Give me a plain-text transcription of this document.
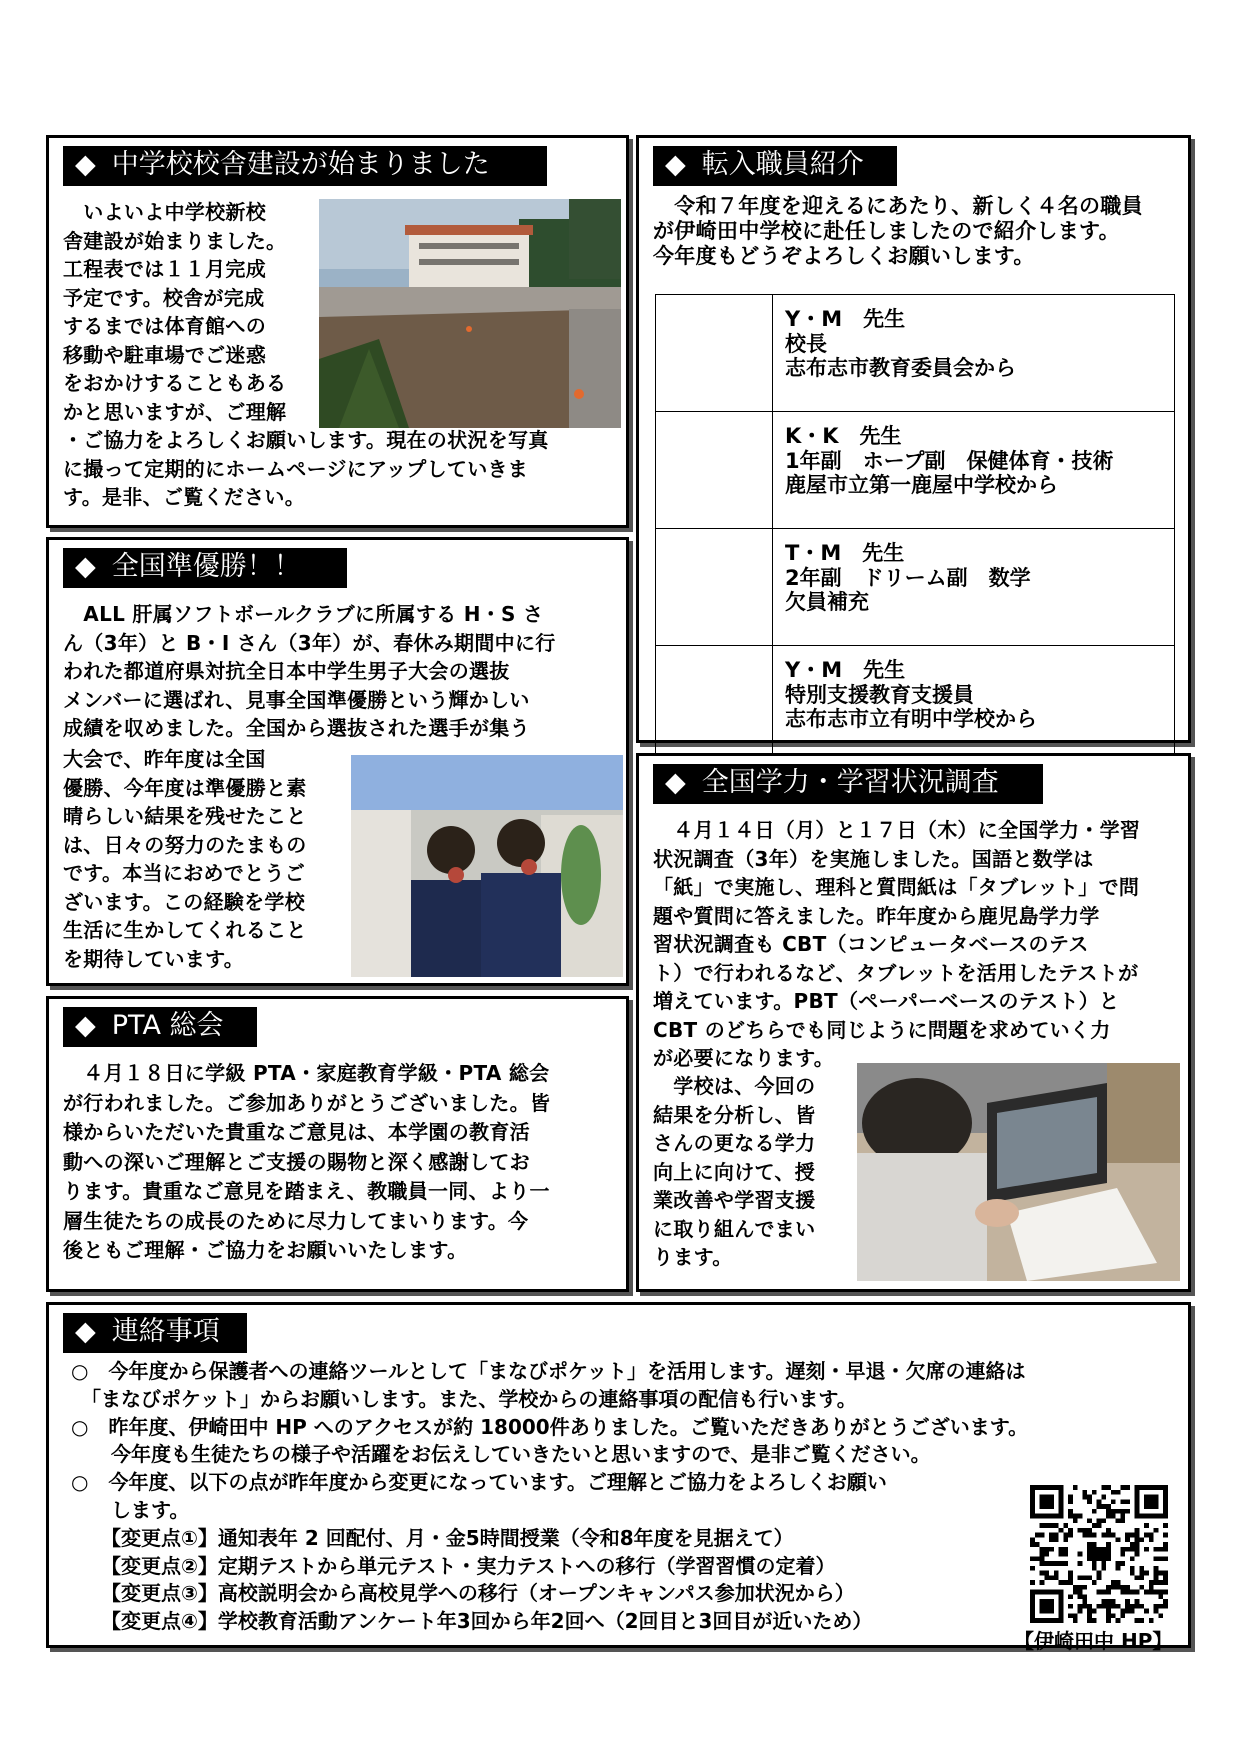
◆ 中学校校舎建設が始まりました
　いよいよ中学校新校
舎建設が始まりました。
工程表では１１月完成
予定です。校舎が完成
するまでは体育館への
移動や駐車場でご迷惑
をおかけすることもある
かと思いますが、ご理解
・ご協力をよろしくお願いします。現在の状況を写真
に撮って定期的にホームページにアップしていきま
す。是非、ご覧ください。
◆ 転入職員紹介
　令和７年度を迎えるにあたり、新しく４名の職員
が伊崎田中学校に赴任しましたので紹介します。
今年度もどうぞよろしくお願いします。

	Y・M　先生
校長
志布志市教育委員会から

	K・K　先生
1年副　ホープ副　保健体育・技術
鹿屋市立第一鹿屋中学校から

	T・M　先生
2年副　ドリーム副　数学
欠員補充

	Y・M　先生
特別支援教育支援員
志布志市立有明中学校から
◆ 全国準優勝！！
　ALL 肝属ソフトボールクラブに所属する H・S さ
ん（3年）と B・I さん（3年）が、春休み期間中に行
われた都道府県対抗全日本中学生男子大会の選抜
メンバーに選ばれ、見事全国準優勝という輝かしい
成績を収めました。全国から選抜された選手が集う
大会で、昨年度は全国
優勝、今年度は準優勝と素
晴らしい結果を残せたこと
は、日々の努力のたまもの
です。本当におめでとうご
ざいます。この経験を学校
生活に生かしてくれること
を期待しています。
◆ PTA 総会
　４月１８日に学級 PTA・家庭教育学級・PTA 総会
が行われました。ご参加ありがとうございました。皆
様からいただいた貴重なご意見は、本学園の教育活
動への深いご理解とご支援の賜物と深く感謝してお
ります。貴重なご意見を踏まえ、教職員一同、より一
層生徒たちの成長のために尽力してまいります。今
後ともご理解・ご協力をお願いいたします。
◆ 全国学力・学習状況調査
　４月１４日（月）と１７日（木）に全国学力・学習
状況調査（3年）を実施しました。国語と数学は
「紙」で実施し、理科と質問紙は「タブレット」で問
題や質問に答えました。昨年度から鹿児島学力学
習状況調査も CBT（コンピュータベースのテス
ト）で行われるなど、タブレットを活用したテストが
増えています。PBT（ペーパーベースのテスト）と
CBT のどちらでも同じように問題を求めていく力
が必要になります。
　学校は、今回の
結果を分析し、皆
さんの更なる学力
向上に向けて、授
業改善や学習支援
に取り組んでまい
ります。
◆ 連絡事項
○　今年度から保護者への連絡ツールとして「まなびポケット」を活用します。遅刻・早退・欠席の連絡は
　「まなびポケット」からお願いします。また、学校からの連絡事項の配信も行います。
○　昨年度、伊崎田中 HP へのアクセスが約 18000件ありました。ご覧いただきありがとうございます。
　　今年度も生徒たちの様子や活躍をお伝えしていきたいと思いますので、是非ご覧ください。
○　今年度、以下の点が昨年度から変更になっています。ご理解とご協力をよろしくお願い
　　します。
　　【変更点①】通知表年 2 回配付、月・金5時間授業（令和8年度を見据えて）
　　【変更点②】定期テストから単元テスト・実力テストへの移行（学習習慣の定着）
　　【変更点③】高校説明会から高校見学への移行（オープンキャンパス参加状況から）
　　【変更点④】学校教育活動アンケート年3回から年2回へ（2回目と3回目が近いため）
【伊崎田中 HP】
